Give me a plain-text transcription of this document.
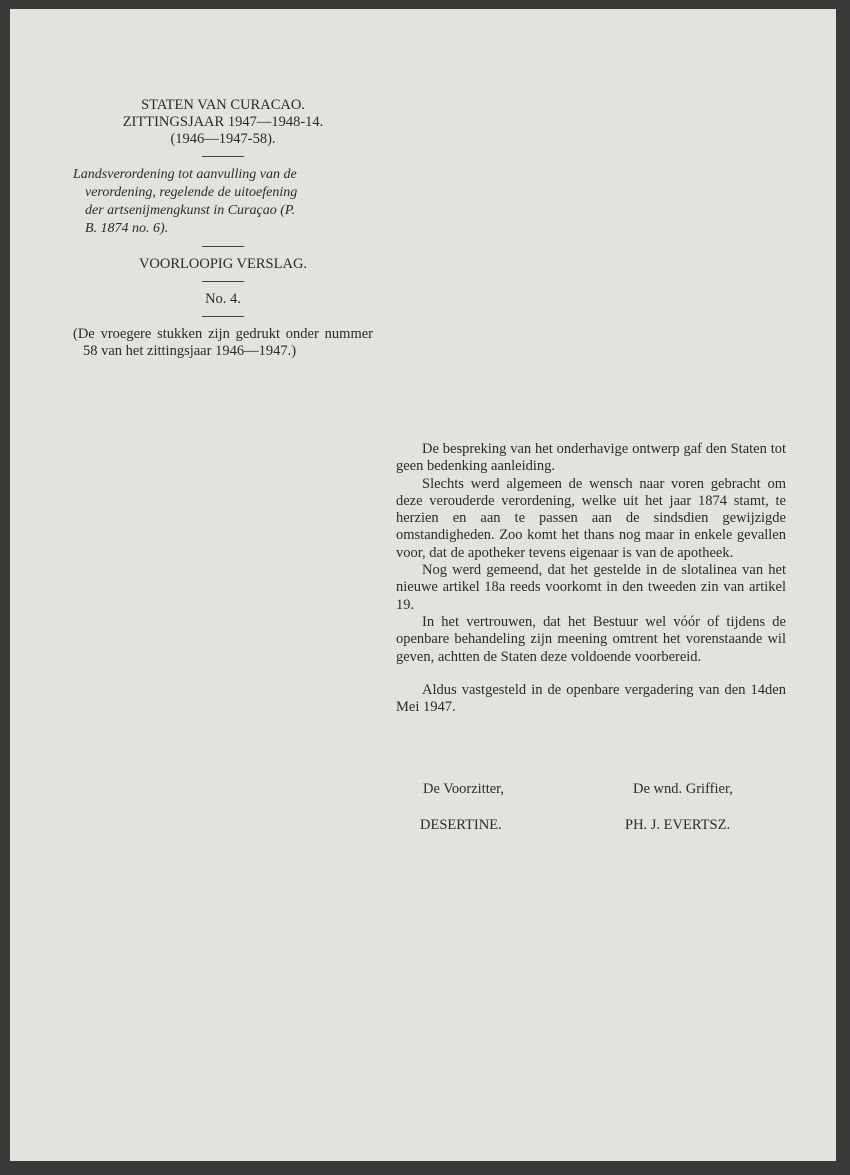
STATEN VAN CURACAO.
ZITTINGSJAAR 1947—1948-14.
(1946—1947-58).
Landsverordening tot aanvulling van de
verordening, regelende de uitoefening
der artsenijmengkunst in Curaçao (P.
B. 1874 no. 6).
VOORLOOPIG VERSLAG.
No. 4.
(De vroegere stukken zijn gedrukt onder nummer 58 van het zittingsjaar 1946—1947.)

De bespreking van het onderhavige ontwerp gaf den Staten tot geen bedenking aanleiding.

Slechts werd algemeen de wensch naar voren gebracht om deze verouderde verordening, welke uit het jaar 1874 stamt, te herzien en aan te passen aan de sindsdien gewijzigde omstandigheden. Zoo komt het thans nog maar in enkele gevallen voor, dat de apotheker tevens eigenaar is van de apotheek.

Nog werd gemeend, dat het gestelde in de slotalinea van het nieuwe artikel 18a reeds voorkomt in den tweeden zin van artikel 19.

In het vertrouwen, dat het Bestuur wel vóór of tijdens de openbare behandeling zijn meening omtrent het vorenstaande wil geven, achtten de Staten deze voldoende voorbereid.

Aldus vastgesteld in de openbare vergadering van den 14den Mei 1947.

De Voorzitter,	De wnd. Griffier,
DESERTINE.	PH. J. EVERTSZ.
